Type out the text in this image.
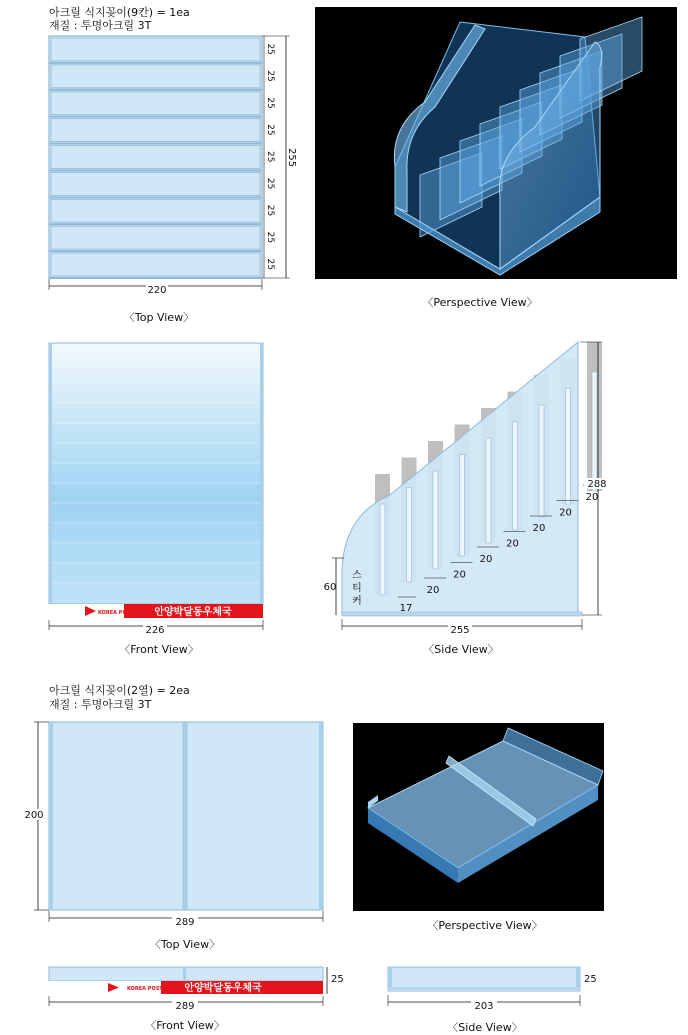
아크릴 식지꽂이(9칸) = 1ea
재질 : 투명아크릴 3T
25
25
25
25
25
25
25
25
25
255
220
〈Top View〉
〈Perspective View〉
KOREA POST 안양박달동우체국
226
〈Front View〉
20
20
20
20
20
20
20
스
티
커
17
60
288
255
〈Side View〉
아크릴 식지꽂이(2열) = 2ea
재질 : 투명아크릴 3T
200
289
〈Top View〉
〈Perspective View〉
KOREA POST 안양박달동우체국
25
289
〈Front View〉
25
203
〈Side View〉
